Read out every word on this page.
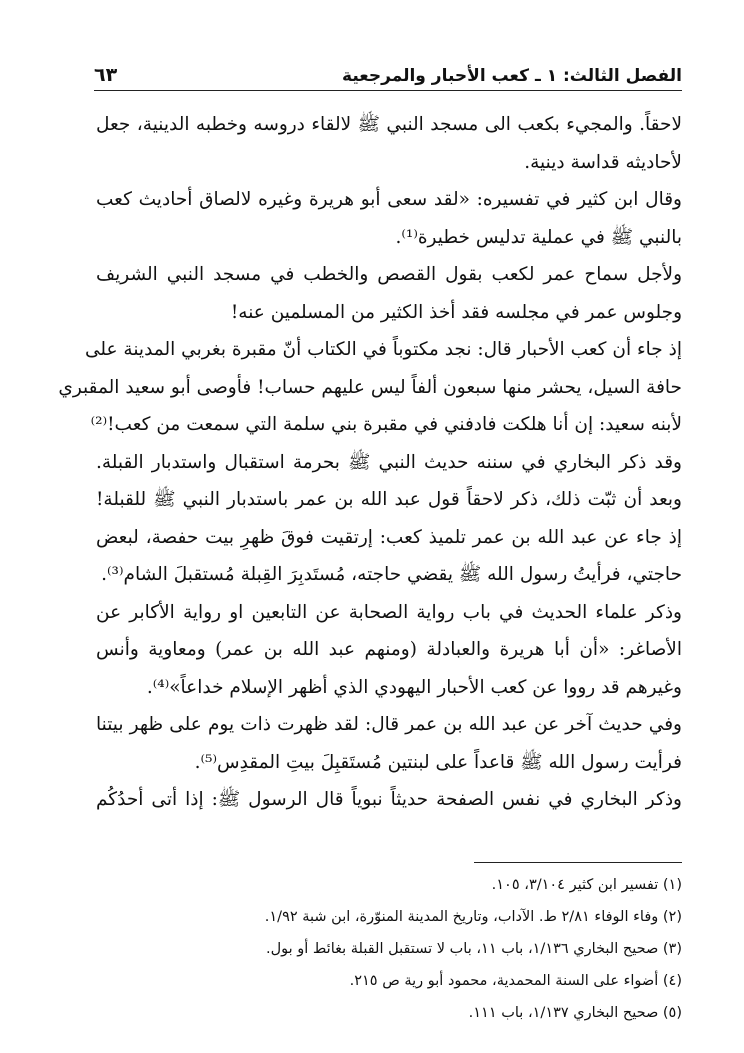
الفصل الثالث: ١ ـ كعب الأحبار والمرجعية
٦٣
لاحقاً. والمجيء بكعب الى مسجد النبي ﷺ لالقاء دروسه وخطبه الدينية، جعل
لأحاديثه قداسة دينية.
وقال ابن كثير في تفسيره: «لقد سعى أبو هريرة وغيره لالصاق أحاديث كعب
بالنبي ﷺ في عملية تدليس خطيرة⁽¹⁾.
ولأجل سماح عمر لكعب بقول القصص والخطب في مسجد النبي الشريف
وجلوس عمر في مجلسه فقد أخذ الكثير من المسلمين عنه!
إذ جاء أن كعب الأحبار قال: نجد مكتوباً في الكتاب أنّ مقبرة بغربي المدينة على
حافة السيل، يحشر منها سبعون ألفاً ليس عليهم حساب! فأوصى أبو سعيد المقبري
لأبنه سعيد: إن أنا هلكت فادفني في مقبرة بني سلمة التي سمعت من كعب!⁽²⁾
وقد ذكر البخاري في سننه حديث النبي ﷺ بحرمة استقبال واستدبار القبلة.
وبعد أن ثبّت ذلك، ذكر لاحقاً قول عبد الله بن عمر باستدبار النبي ﷺ للقبلة!
إذ جاء عن عبد الله بن عمر تلميذ كعب: إرتقيت فوقَ ظهرِ بيت حفصة، لبعض
حاجتي، فرأيتُ رسول الله ﷺ يقضي حاجته، مُستَدبِرَ القِبلة مُستقبلَ الشام⁽³⁾.
وذكر علماء الحديث في باب رواية الصحابة عن التابعين او رواية الأكابر عن
الأصاغر: «أن أبا هريرة والعبادلة (ومنهم عبد الله بن عمر) ومعاوية وأنس
وغيرهم قد رووا عن كعب الأحبار اليهودي الذي أظهر الإسلام خداعاً»⁽⁴⁾.
وفي حديث آخر عن عبد الله بن عمر قال: لقد ظهرت ذات يوم على ظهر بيتنا
فرأيت رسول الله ﷺ قاعداً على لبنتين مُستَقبِلَ بيتِ المقدِس⁽⁵⁾.
وذكر البخاري في نفس الصفحة حديثاً نبوياً قال الرسول ﷺ: إذا أتى أحدُكُم
(١) تفسير ابن كثير ٣/١٠٤، ١٠٥.
(٢) وفاء الوفاء ٢/٨١ ط. الآداب، وتاريخ المدينة المنوّرة، ابن شبة ١/٩٢.
(٣) صحيح البخاري ١/١٣٦، باب ١١، باب لا تستقبل القبلة بغائط أو بول.
(٤) أضواء على السنة المحمدية، محمود أبو رية ص ٢١٥.
(٥) صحيح البخاري ١/١٣٧، باب ١١١.
